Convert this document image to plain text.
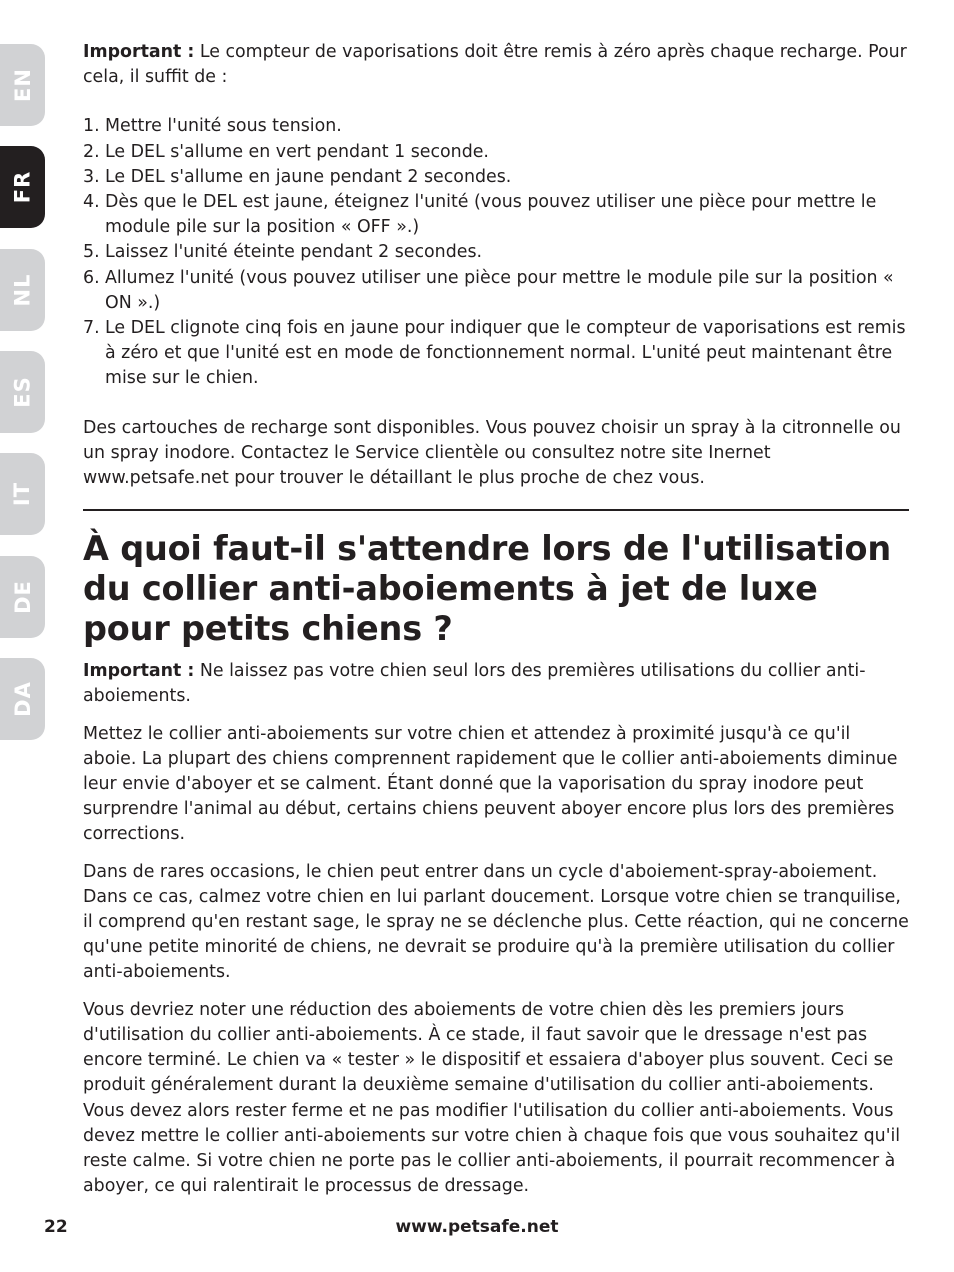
EN
FR
NL
ES
IT
DE
DA

Important : Le compteur de vaporisations doit être remis à zéro après chaque recharge. Pour cela, il suffit de :

1. Mettre l'unité sous tension.
2. Le DEL s'allume en vert pendant 1 seconde.
3. Le DEL s'allume en jaune pendant 2 secondes.
4. Dès que le DEL est jaune, éteignez l'unité (vous pouvez utiliser une pièce pour mettre le module pile sur la position « OFF ».)
5. Laissez l'unité éteinte pendant 2 secondes.
6. Allumez l'unité (vous pouvez utiliser une pièce pour mettre le module pile sur la position « ON ».)
7. Le DEL clignote cinq fois en jaune pour indiquer que le compteur de vaporisations est remis à zéro et que l'unité est en mode de fonctionnement normal. L'unité peut maintenant être mise sur le chien.

Des cartouches de recharge sont disponibles. Vous pouvez choisir un spray à la citronnelle ou un spray inodore. Contactez le Service clientèle ou consultez notre site Inernet www.petsafe.net pour trouver le détaillant le plus proche de chez vous.

À quoi faut-il s'attendre lors de l'utilisation du collier anti-aboiements à jet de luxe pour petits chiens ?

Important : Ne laissez pas votre chien seul lors des premières utilisations du collier anti-aboiements.

Mettez le collier anti-aboiements sur votre chien et attendez à proximité jusqu'à ce qu'il aboie. La plupart des chiens comprennent rapidement que le collier anti-aboiements diminue leur envie d'aboyer et se calment. Étant donné que la vaporisation du spray inodore peut surprendre l'animal au début, certains chiens peuvent aboyer encore plus lors des premières corrections.

Dans de rares occasions, le chien peut entrer dans un cycle d'aboiement-spray-aboiement. Dans ce cas, calmez votre chien en lui parlant doucement. Lorsque votre chien se tranquilise, il comprend qu'en restant sage, le spray ne se déclenche plus. Cette réaction, qui ne concerne qu'une petite minorité de chiens, ne devrait se produire qu'à la première utilisation du collier anti-aboiements.

Vous devriez noter une réduction des aboiements de votre chien dès les premiers jours d'utilisation du collier anti-aboiements. À ce stade, il faut savoir que le dressage n'est pas encore terminé. Le chien va « tester » le dispositif et essaiera d'aboyer plus souvent. Ceci se produit généralement durant la deuxième semaine d'utilisation du collier anti-aboiements. Vous devez alors rester ferme et ne pas modifier l'utilisation du collier anti-aboiements. Vous devez mettre le collier anti-aboiements sur votre chien à chaque fois que vous souhaitez qu'il reste calme. Si votre chien ne porte pas le collier anti-aboiements, il pourrait recommencer à aboyer, ce qui ralentirait le processus de dressage.

www.petsafe.net
22
